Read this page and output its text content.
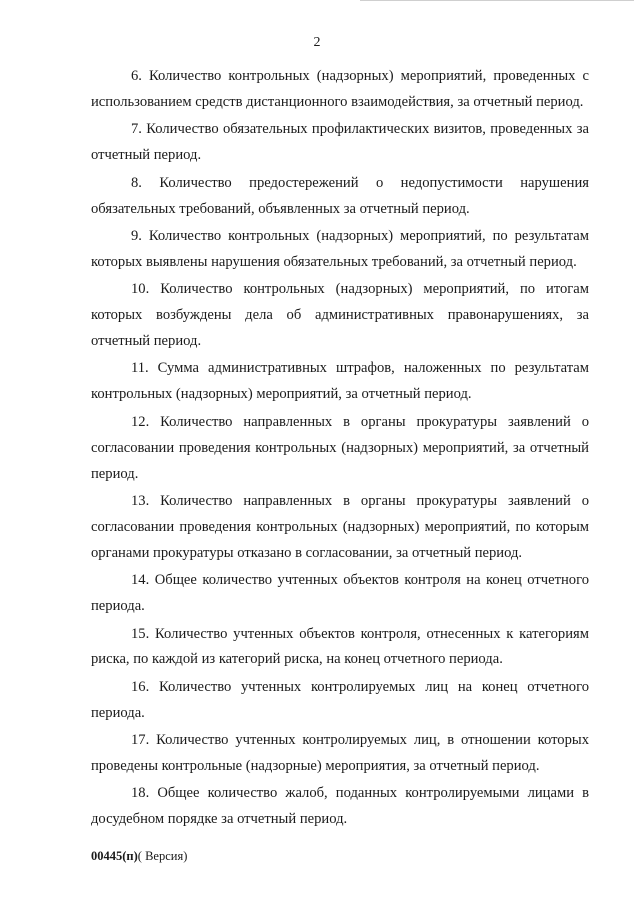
2

6. Количество контрольных (надзорных) мероприятий, проведенных с использованием средств дистанционного взаимодействия, за отчетный период.

7. Количество обязательных профилактических визитов, проведенных за отчетный период.

8. Количество предостережений о недопустимости нарушения обязательных требований, объявленных за отчетный период.

9. Количество контрольных (надзорных) мероприятий, по результатам которых выявлены нарушения обязательных требований, за отчетный период.

10. Количество контрольных (надзорных) мероприятий, по итогам которых возбуждены дела об административных правонарушениях, за отчетный период.

11. Сумма административных штрафов, наложенных по результатам контрольных (надзорных) мероприятий, за отчетный период.

12. Количество направленных в органы прокуратуры заявлений о согласовании проведения контрольных (надзорных) мероприятий, за отчетный период.

13. Количество направленных в органы прокуратуры заявлений о согласовании проведения контрольных (надзорных) мероприятий, по которым органами прокуратуры отказано в согласовании, за отчетный период.

14. Общее количество учтенных объектов контроля на конец отчетного периода.

15. Количество учтенных объектов контроля, отнесенных к категориям риска, по каждой из категорий риска, на конец отчетного периода.

16. Количество учтенных контролируемых лиц на конец отчетного периода.

17. Количество учтенных контролируемых лиц, в отношении которых проведены контрольные (надзорные) мероприятия, за отчетный период.

18. Общее количество жалоб, поданных контролируемыми лицами в досудебном порядке за отчетный период.

00445(п)( Версия)
